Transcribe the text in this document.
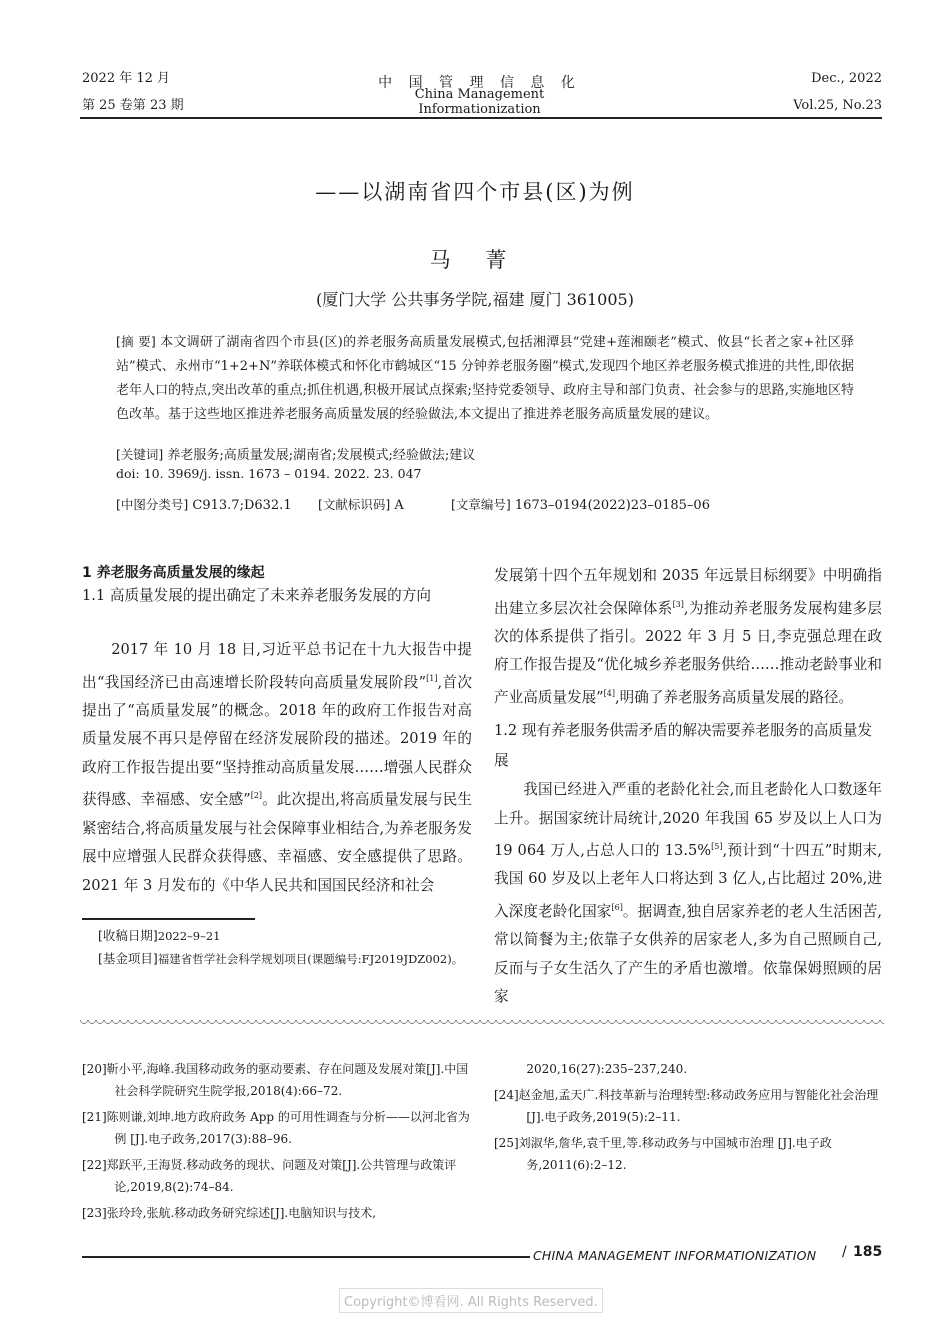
2022 年 12 月
第 25 卷第 23 期
中 国 管 理 信 息 化
China Management Informationization
Dec., 2022
Vol.25, No.23
——以湖南省四个市县(区)为例
马 菁
(厦门大学 公共事务学院,福建 厦门 361005)
[摘 要] 本文调研了湖南省四个市县(区)的养老服务高质量发展模式,包括湘潭县“党建+莲湘颐老”模式、攸县“长者之家+社区驿站”模式、永州市“1+2+N”养联体模式和怀化市鹤城区“15 分钟养老服务圈”模式,发现四个地区养老服务模式推进的共性,即依据老年人口的特点,突出改革的重点;抓住机遇,积极开展试点探索;坚持党委领导、政府主导和部门负责、社会参与的思路,实施地区特色改革。基于这些地区推进养老服务高质量发展的经验做法,本文提出了推进养老服务高质量发展的建议。
[关键词] 养老服务;高质量发展;湖南省;发展模式;经验做法;建议
doi: 10. 3969/j. issn. 1673 – 0194. 2022. 23. 047
[中图分类号] C913.7;D632.1 [文献标识码] A	[文章编号] 1673–0194(2022)23–0185–06
1 养老服务高质量发展的缘起
1.1 高质量发展的提出确定了未来养老服务发展的方向
2017 年 10 月 18 日,习近平总书记在十九大报告中提出“我国经济已由高速增长阶段转向高质量发展阶段”[1],首次提出了“高质量发展”的概念。2018 年的政府工作报告对高质量发展不再只是停留在经济发展阶段的描述。2019 年的政府工作报告提出要“坚持推动高质量发展……增强人民群众获得感、幸福感、安全感”[2]。此次提出,将高质量发展与民生紧密结合,将高质量发展与社会保障事业相结合,为养老服务发展中应增强人民群众获得感、幸福感、安全感提供了思路。2021 年 3 月发布的《中华人民共和国国民经济和社会
[收稿日期]2022–9–21
[基金项目]福建省哲学社会科学规划项目(课题编号:FJ2019JDZ002)。
发展第十四个五年规划和 2035 年远景目标纲要》中明确指出建立多层次社会保障体系[3],为推动养老服务发展构建多层次的体系提供了指引。2022 年 3 月 5 日,李克强总理在政府工作报告提及“优化城乡养老服务供给……推动老龄事业和产业高质量发展”[4],明确了养老服务高质量发展的路径。
1.2 现有养老服务供需矛盾的解决需要养老服务的高质量发展
我国已经进入严重的老龄化社会,而且老龄化人口数逐年上升。据国家统计局统计,2020 年我国 65 岁及以上人口为 19 064 万人,占总人口的 13.5%[5],预计到“十四五”时期末,我国 60 岁及以上老年人口将达到 3 亿人,占比超过 20%,进入深度老龄化国家[6]。据调查,独自居家养老的老人生活困苦,常以简餐为主;依靠子女供养的居家老人,多为自己照顾自己,反而与子女生活久了产生的矛盾也激增。依靠保姆照顾的居家
[20]靳小平,海峰.我国移动政务的驱动要素、存在问题及发展对策[J].中国社会科学院研究生院学报,2018(4):66–72.
[21]陈则谦,刘坤.地方政府政务 App 的可用性调查与分析——以河北省为例 [J].电子政务,2017(3):88–96.
[22]郑跃平,王海贤.移动政务的现状、问题及对策[J].公共管理与政策评论,2019,8(2):74–84.
[23]张玲玲,张航.移动政务研究综述[J].电脑知识与技术,
2020,16(27):235–237,240.
[24]赵金旭,孟天广.科技革新与治理转型:移动政务应用与智能化社会治理[J].电子政务,2019(5):2–11.
[25]刘淑华,詹华,袁千里,等.移动政务与中国城市治理 [J].电子政务,2011(6):2–12.
CHINA MANAGEMENT INFORMATIONIZATION / 185
Copyright©博看网. All Rights Reserved.
